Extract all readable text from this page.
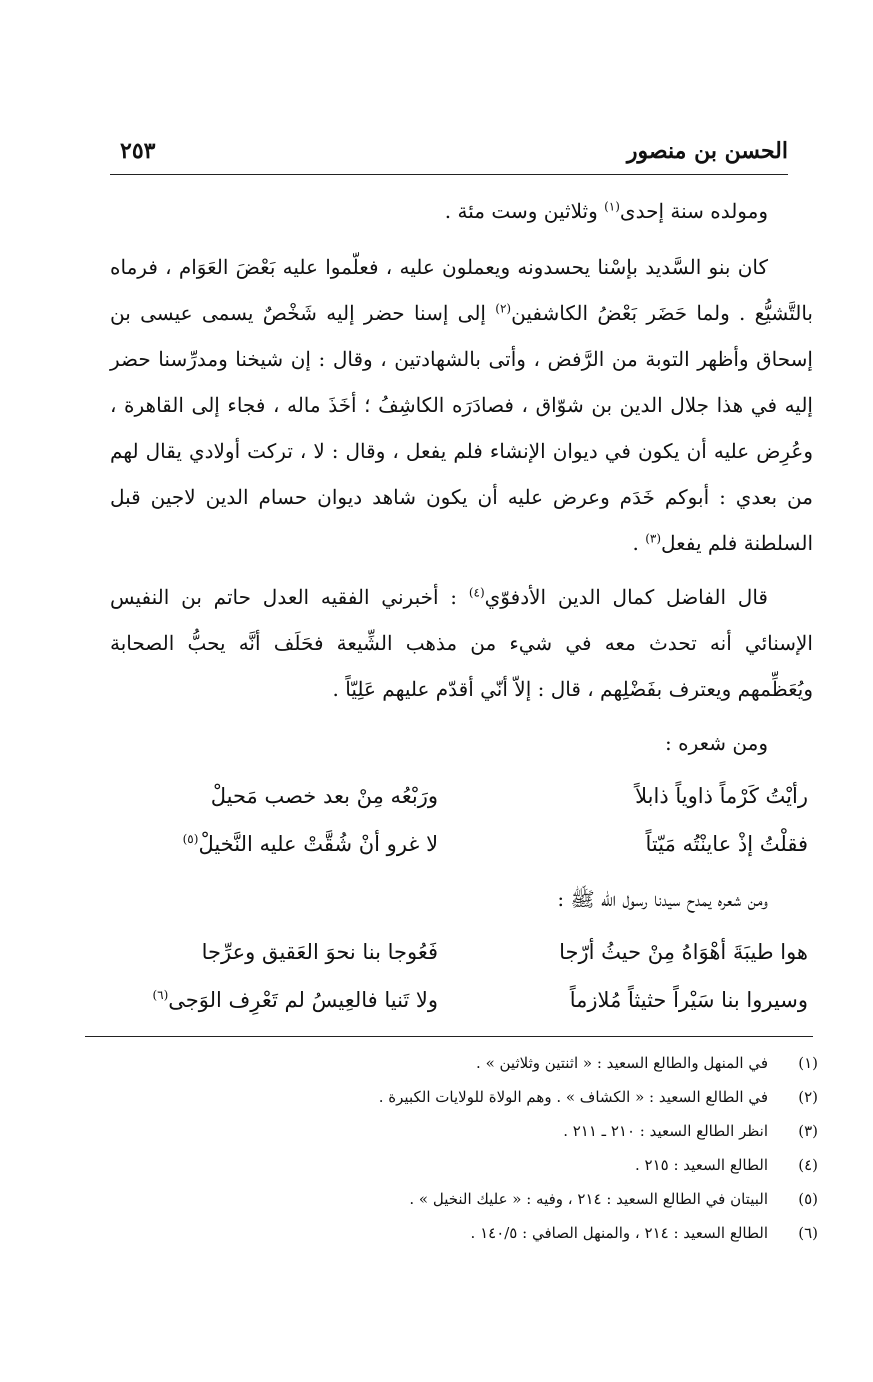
الحسن بن منصور
٢٥٣

ومولده سنة إحدى$^{(١)}$ وثلاثين وست مئة .

كان بنو السَّديد بإسْنا يحسدونه ويعملون عليه ، فعلّموا عليه بَعْضَ العَوَام ، فرماه بالتَّشيُّع . ولما حَضَر بَعْضُ الكاشفين$^{(٢)}$ إلى إسنا حضر إليه شَخْصٌ يسمى عيسى بن إسحاق وأظهر التوبة من الرَّفض ، وأتى بالشهادتين ، وقال : إن شيخنا ومدرِّسنا حضر إليه في هذا جلال الدين بن شوّاق ، فصادَرَه الكاشِفُ ؛ أخَذَ ماله ، فجاء إلى القاهرة ، وعُرِض عليه أن يكون في ديوان الإنشاء فلم يفعل ، وقال : لا ، تركت أولادي يقال لهم من بعدي : أبوكم خَدَم وعرض عليه أن يكون شاهد ديوان حسام الدين لاجين قبل السلطنة فلم يفعل$^{(٣)}$ .

قال الفاضل كمال الدين الأدفوّي$^{(٤)}$ : أخبرني الفقيه العدل حاتم بن النفيس الإسنائي أنه تحدث معه في شيء من مذهب الشِّيعة فحَلَف أنَّه يحبُّ الصحابة ويُعَظِّمهم ويعترف بفَضْلِهم ، قال : إلاّ أنّي أقدّم عليهم عَلِيّاً .

ومن شعره :
رأيْتُ كَرْماً ذاوياً ذابلاً
ورَبْعُه مِنْ بعد خصب مَحيلْ
فقلْتُ إذْ عاينْتُه مَيّتاً
لا غرو أنْ شُقَّتْ عليه النَّخيلْ$^{(٥)}$
ومن شعره يمدح سيدنا رسول الله ﷺ :
هوا طيبَةَ أهْوَاهُ مِنْ حيثُ أرّجا
فَعُوجا بنا نحوَ العَقيق وعرِّجا
وسيروا بنا سَيْراً حثيثاً مُلازماً
ولا تَنيا فالعِيسُ لم تَعْرِف الوَجى$^{(٦)}$
(١)
في المنهل والطالع السعيد : « اثنتين وثلاثين » .
(٢)
في الطالع السعيد : « الكشاف » . وهم الولاة للولايات الكبيرة .
(٣)
انظر الطالع السعيد : ٢١٠ ـ ٢١١ .
(٤)
الطالع السعيد : ٢١٥ .
(٥)
البيتان في الطالع السعيد : ٢١٤ ، وفيه : « عليك النخيل » .
(٦)
الطالع السعيد : ٢١٤ ، والمنهل الصافي : ١٤٠/٥ .
